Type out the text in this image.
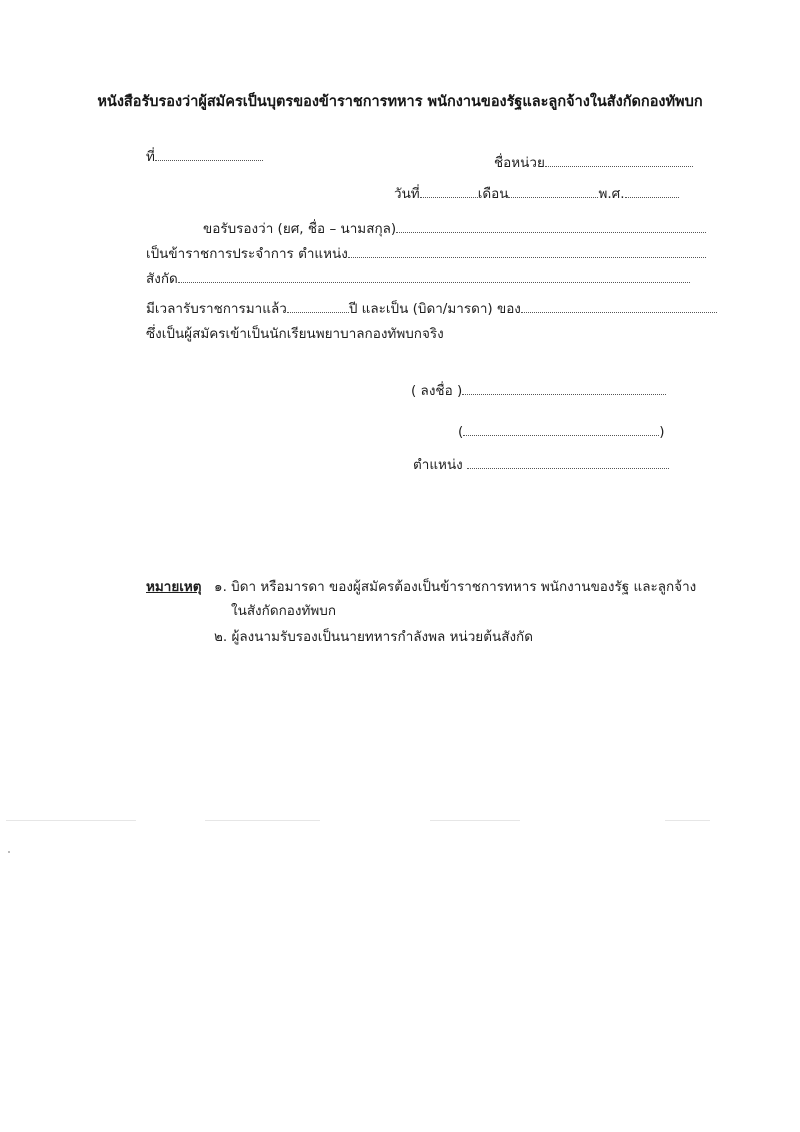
หนังสือรับรองว่าผู้สมัครเป็นบุตรของข้าราชการทหาร พนักงานของรัฐและลูกจ้างในสังกัดกองทัพบก
ที่	ชื่อหน่วย
วันที่	เดือน	พ.ศ.
ขอรับรองว่า (ยศ, ชื่อ – นามสกุล)
เป็นข้าราชการประจำการ ตำแหน่ง
สังกัด
มีเวลารับราชการมาแล้ว	ปี และเป็น (บิดา/มารดา) ของ
ซึ่งเป็นผู้สมัครเข้าเป็นนักเรียนพยาบาลกองทัพบกจริง
( ลงชื่อ )
(	)
ตำแหน่ง
หมายเหตุ ๑. บิดา หรือมารดา ของผู้สมัครต้องเป็นข้าราชการทหาร พนักงานของรัฐ และลูกจ้าง
ในสังกัดกองทัพบก
๒. ผู้ลงนามรับรองเป็นนายทหารกำลังพล หน่วยต้นสังกัด
